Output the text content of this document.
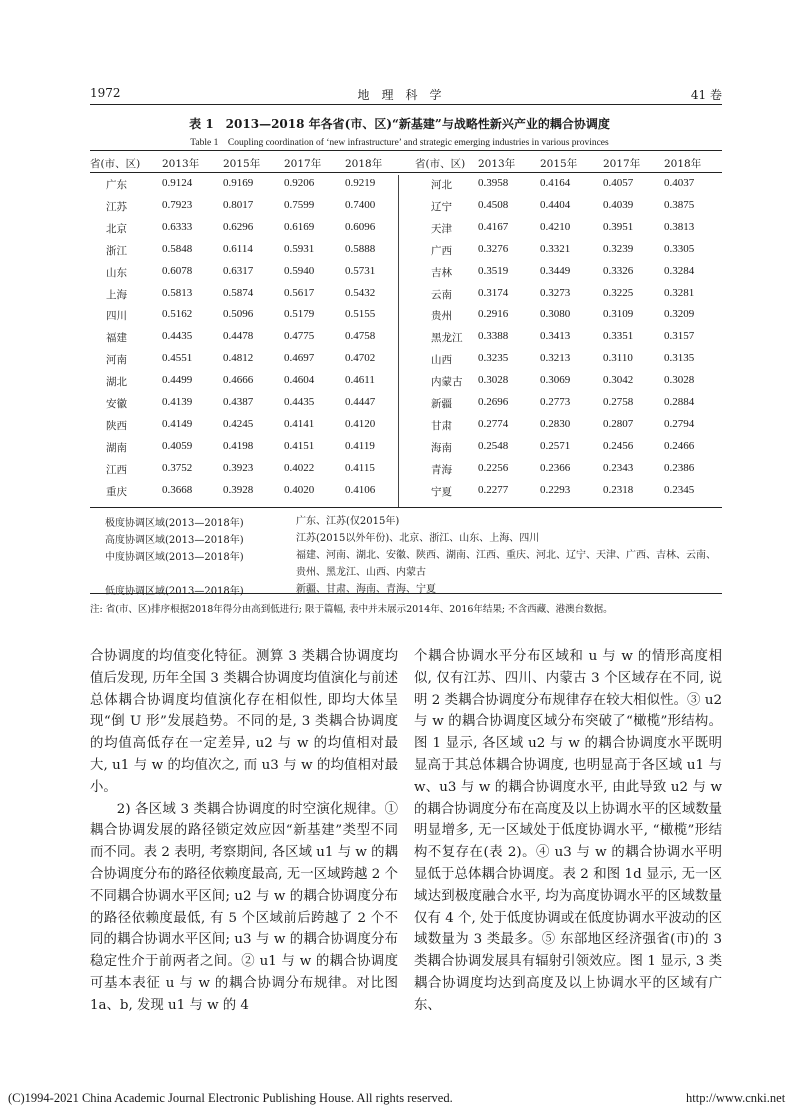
1972	地　理　科　学	41 卷
表 1　2013—2018 年各省(市、区)“新基建”与战略性新兴产业的耦合协调度
Table 1　Coupling coordination of ‘new infrastructure’ and strategic emerging industries in various provinces
省(市、区) 2013年 2015年 2017年 2018年	省(市、区) 2013年 2015年 2017年 2018年
广东	0.9124	0.9169	0.9206	0.9219	河北 0.3958	0.4164	0.4057	0.4037
江苏	0.7923	0.8017	0.7599	0.7400	辽宁 0.4508	0.4404	0.4039	0.3875
北京	0.6333	0.6296	0.6169	0.6096	天津 0.4167	0.4210	0.3951	0.3813
浙江	0.5848	0.6114	0.5931	0.5888	广西 0.3276	0.3321	0.3239	0.3305
山东	0.6078	0.6317	0.5940	0.5731	吉林 0.3519	0.3449	0.3326	0.3284
上海	0.5813	0.5874	0.5617	0.5432	云南 0.3174	0.3273	0.3225	0.3281
四川	0.5162	0.5096	0.5179	0.5155	贵州 0.2916	0.3080	0.3109	0.3209
福建	0.4435	0.4478	0.4775	0.4758	黑龙江 0.3388	0.3413	0.3351	0.3157
河南	0.4551	0.4812	0.4697	0.4702	山西 0.3235	0.3213	0.3110	0.3135
湖北	0.4499	0.4666	0.4604	0.4611	内蒙古 0.3028	0.3069	0.3042	0.3028
安徽	0.4139	0.4387	0.4435	0.4447	新疆 0.2696	0.2773	0.2758	0.2884
陕西	0.4149	0.4245	0.4141	0.4120	甘肃 0.2774	0.2830	0.2807	0.2794
湖南	0.4059	0.4198	0.4151	0.4119	海南 0.2548	0.2571	0.2456	0.2466
江西	0.3752	0.3923	0.4022	0.4115	青海 0.2256	0.2366	0.2343	0.2386
重庆	0.3668	0.3928	0.4020	0.4106	宁夏 0.2277	0.2293	0.2318	0.2345
极度协调区域(2013—2018年)	广东、江苏(仅2015年)
高度协调区域(2013—2018年)	江苏(2015以外年份)、北京、浙江、山东、上海、四川
中度协调区域(2013—2018年)	福建、河南、湖北、安徽、陕西、湖南、江西、重庆、河北、辽宁、天津、广西、吉林、云南、贵州、黑龙江、山西、内蒙古
低度协调区域(2013—2018年)	新疆、甘肃、海南、青海、宁夏
注: 省(市、区)排序根据2018年得分由高到低进行; 限于篇幅, 表中并未展示2014年、2016年结果; 不含西藏、港澳台数据。

合协调度的均值变化特征。测算 3 类耦合协调度均值后发现, 历年全国 3 类耦合协调度均值演化与前述总体耦合协调度均值演化存在相似性, 即均大体呈现“倒 U 形”发展趋势。不同的是, 3 类耦合协调度的均值高低存在一定差异, u2 与 w 的均值相对最大, u1 与 w 的均值次之, 而 u3 与 w 的均值相对最小。

2) 各区域 3 类耦合协调度的时空演化规律。① 耦合协调发展的路径锁定效应因“新基建”类型不同而不同。表 2 表明, 考察期间, 各区域 u1 与 w 的耦合协调度分布的路径依赖度最高, 无一区域跨越 2 个不同耦合协调水平区间; u2 与 w 的耦合协调度分布的路径依赖度最低, 有 5 个区域前后跨越了 2 个不同的耦合协调水平区间; u3 与 w 的耦合协调度分布稳定性介于前两者之间。② u1 与 w 的耦合协调度可基本表征 u 与 w 的耦合协调分布规律。对比图 1a、b, 发现 u1 与 w 的 4

个耦合协调水平分布区域和 u 与 w 的情形高度相似, 仅有江苏、四川、内蒙古 3 个区域存在不同, 说明 2 类耦合协调度分布规律存在较大相似性。③ u2 与 w 的耦合协调度区域分布突破了“橄榄”形结构。图 1 显示, 各区域 u2 与 w 的耦合协调度水平既明显高于其总体耦合协调度, 也明显高于各区域 u1 与 w、u3 与 w 的耦合协调度水平, 由此导致 u2 与 w 的耦合协调度分布在高度及以上协调水平的区域数量明显增多, 无一区域处于低度协调水平, “橄榄”形结构不复存在(表 2)。④ u3 与 w 的耦合协调水平明显低于总体耦合协调度。表 2 和图 1d 显示, 无一区域达到极度融合水平, 均为高度协调水平的区域数量仅有 4 个, 处于低度协调或在低度协调水平波动的区域数量为 3 类最多。⑤ 东部地区经济强省(市)的 3 类耦合协调发展具有辐射引领效应。图 1 显示, 3 类耦合协调度均达到高度及以上协调水平的区域有广东、

(C)1994-2021 China Academic Journal Electronic Publishing House. All rights reserved.	http://www.cnki.net
